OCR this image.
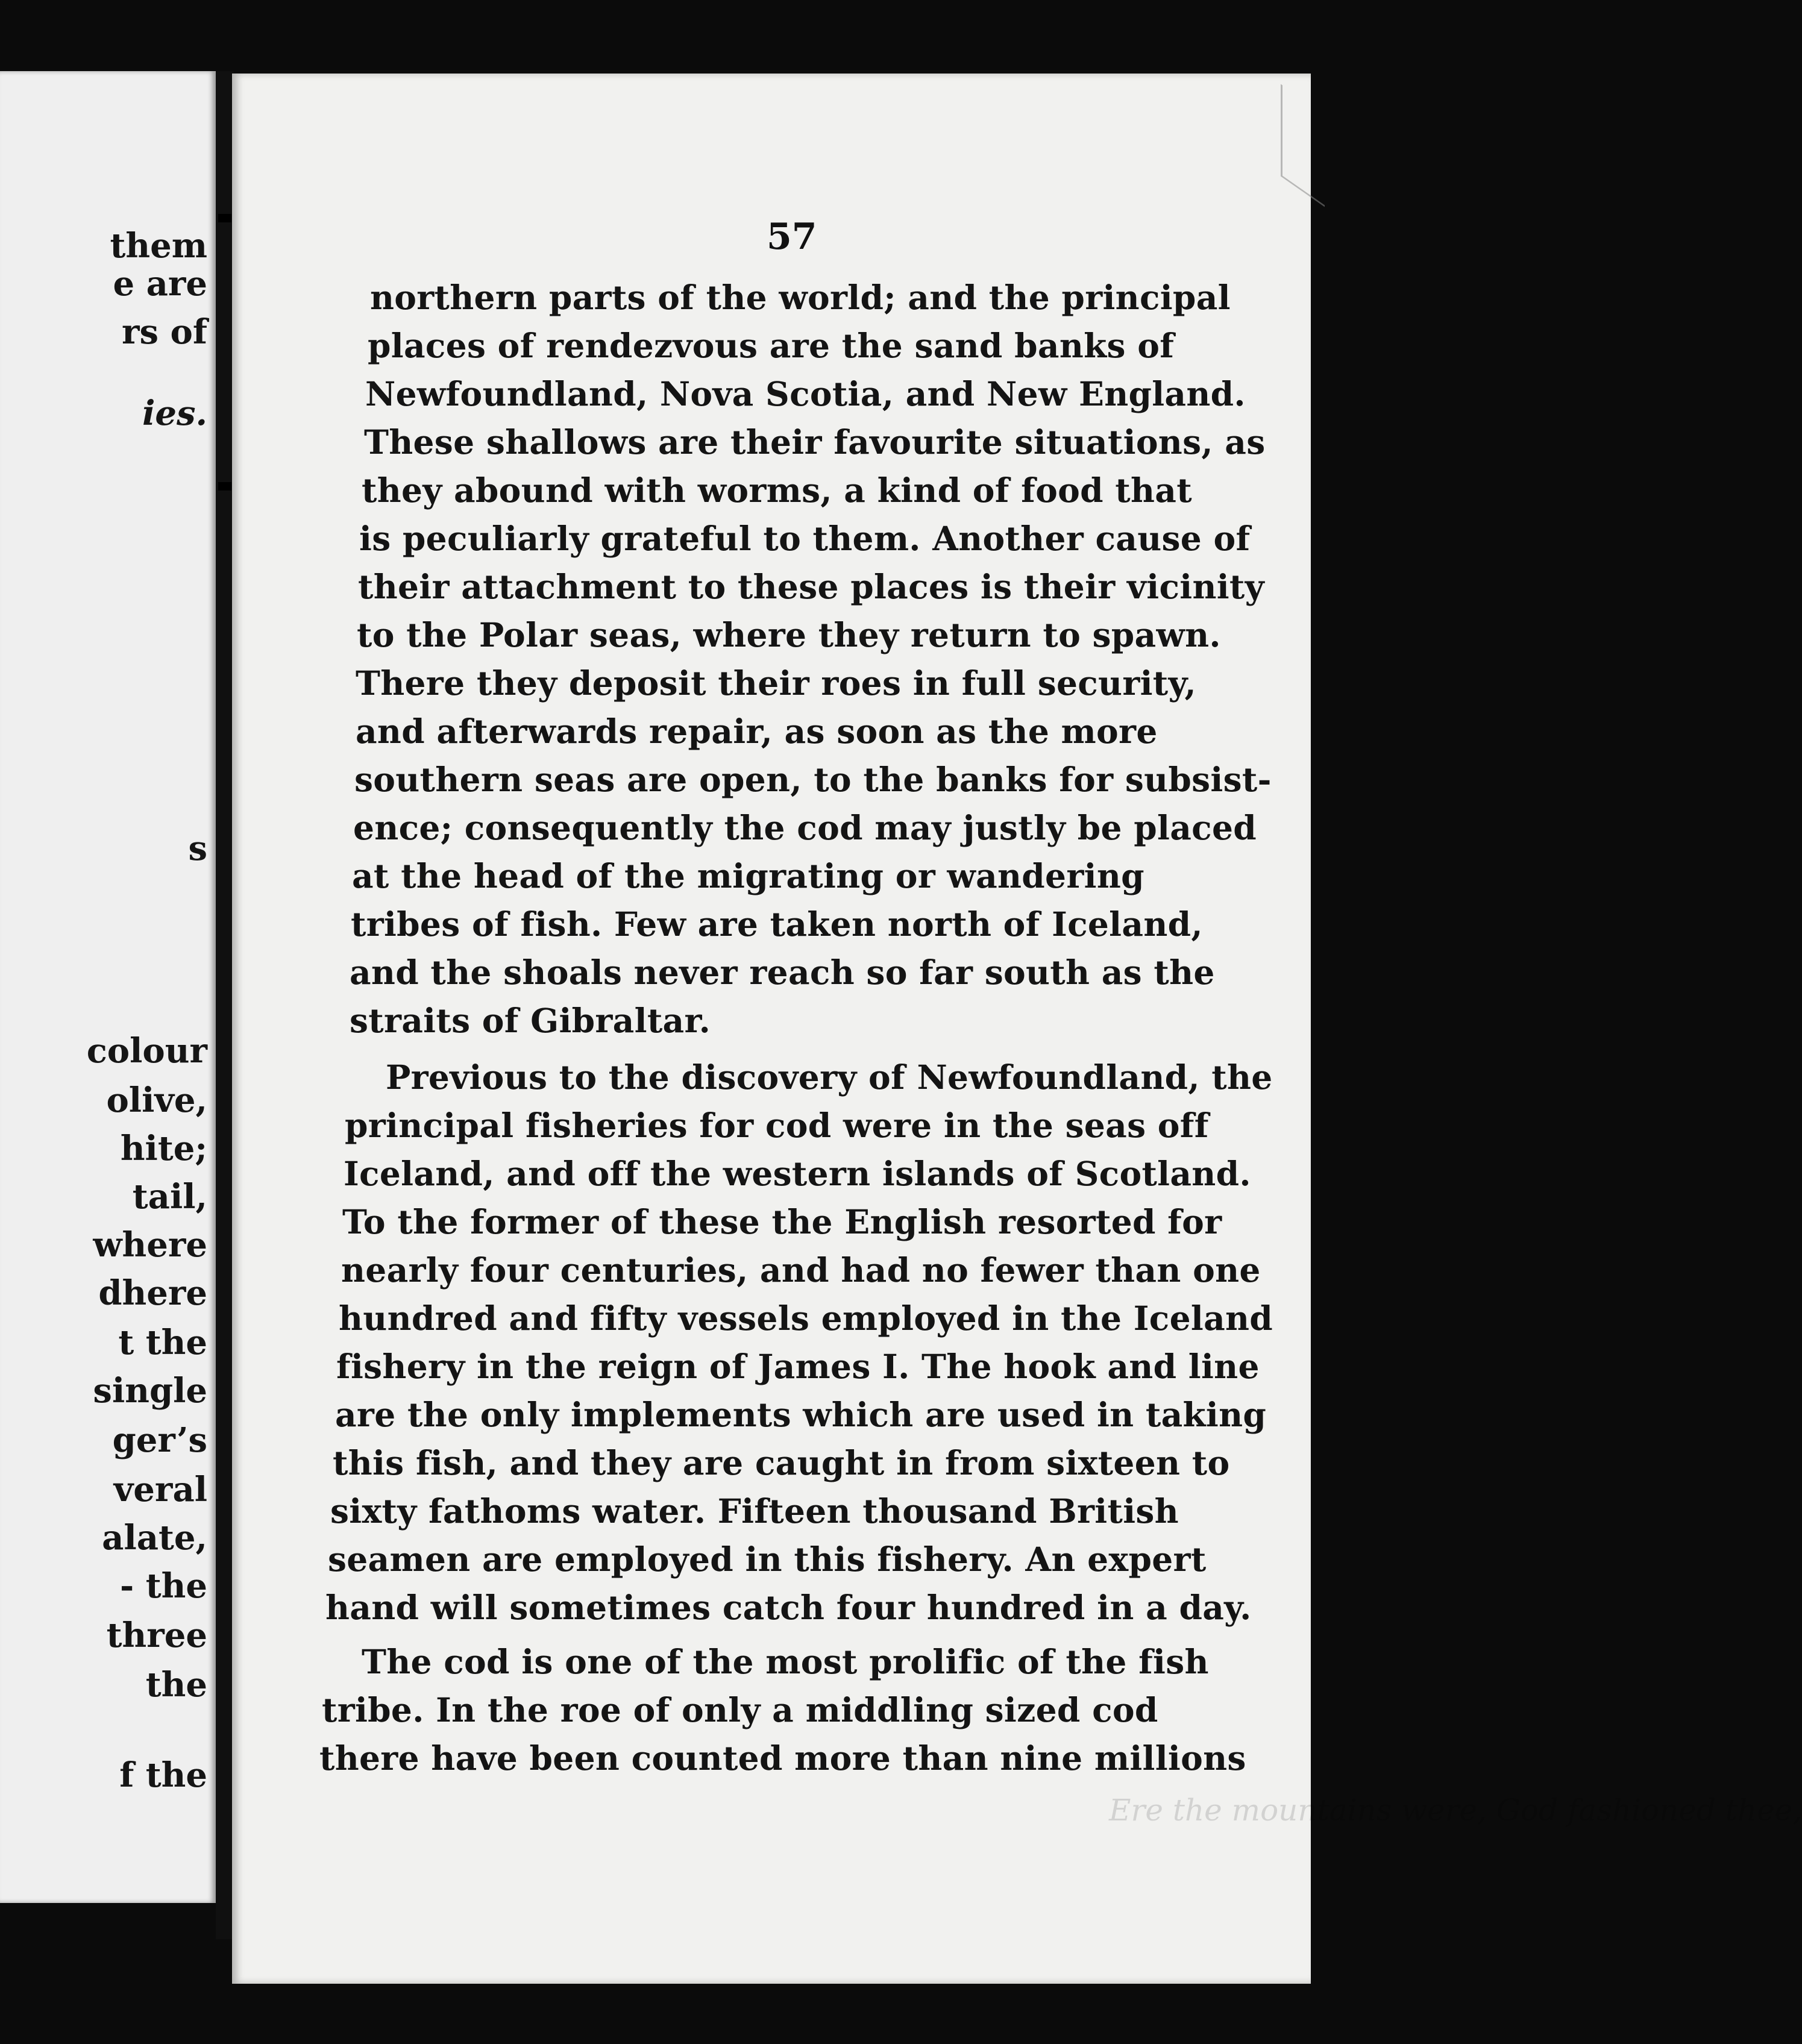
them
e are
rs of
ies.
s
colour
olive,
hite;
tail,
where
dhere
t the
single
ger’s
veral
alate,
- the
three
the
f the
57
northern parts of the world; and the principal
places of rendezvous are the sand banks of
Newfoundland, Nova Scotia, and New England.
These shallows are their favourite situations, as
they abound with worms, a kind of food that
is peculiarly grateful to them. Another cause of
their attachment to these places is their vicinity
to the Polar seas, where they return to spawn.
There they deposit their roes in full security,
and afterwards repair, as soon as the more
southern seas are open, to the banks for subsist-
ence; consequently the cod may justly be placed
at the head of the migrating or wandering
tribes of fish. Few are taken north of Iceland,
and the shoals never reach so far south as the
straits of Gibraltar.
Previous to the discovery of Newfoundland, the
principal fisheries for cod were in the seas off
Iceland, and off the western islands of Scotland.
To the former of these the English resorted for
nearly four centuries, and had no fewer than one
hundred and fifty vessels employed in the Iceland
fishery in the reign of James I. The hook and line
are the only implements which are used in taking
this fish, and they are caught in from sixteen to
sixty fathoms water. Fifteen thousand British
seamen are employed in this fishery. An expert
hand will sometimes catch four hundred in a day.
The cod is one of the most prolific of the fish
tribe. In the roe of only a middling sized cod
there have been counted more than nine millions
Ere the mountains were, God fashioned thee,
